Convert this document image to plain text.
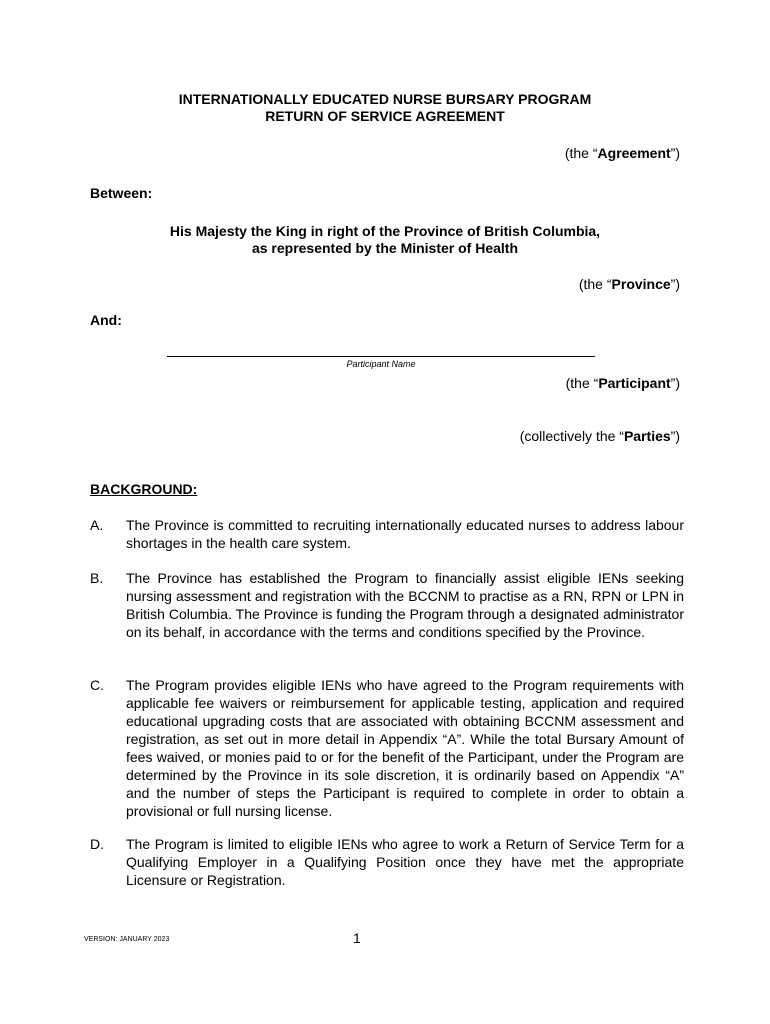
INTERNATIONALLY EDUCATED NURSE BURSARY PROGRAM
RETURN OF SERVICE AGREEMENT
(the “Agreement”)
Between:
His Majesty the King in right of the Province of British Columbia,
as represented by the Minister of Health
(the “Province”)
And:
Participant Name
(the “Participant”)
(collectively the “Parties”)
BACKGROUND:
A. The Province is committed to recruiting internationally educated nurses to address labour shortages in the health care system.
B. The Province has established the Program to financially assist eligible IENs seeking nursing assessment and registration with the BCCNM to practise as a RN, RPN or LPN in British Columbia. The Province is funding the Program through a designated administrator on its behalf, in accordance with the terms and conditions specified by the Province.
C. The Program provides eligible IENs who have agreed to the Program requirements with applicable fee waivers or reimbursement for applicable testing, application and required educational upgrading costs that are associated with obtaining BCCNM assessment and registration, as set out in more detail in Appendix “A”. While the total Bursary Amount of fees waived, or monies paid to or for the benefit of the Participant, under the Program are determined by the Province in its sole discretion, it is ordinarily based on Appendix “A” and the number of steps the Participant is required to complete in order to obtain a provisional or full nursing license.
D. The Program is limited to eligible IENs who agree to work a Return of Service Term for a Qualifying Employer in a Qualifying Position once they have met the appropriate Licensure or Registration.
VERSION: JANUARY 2023	1
